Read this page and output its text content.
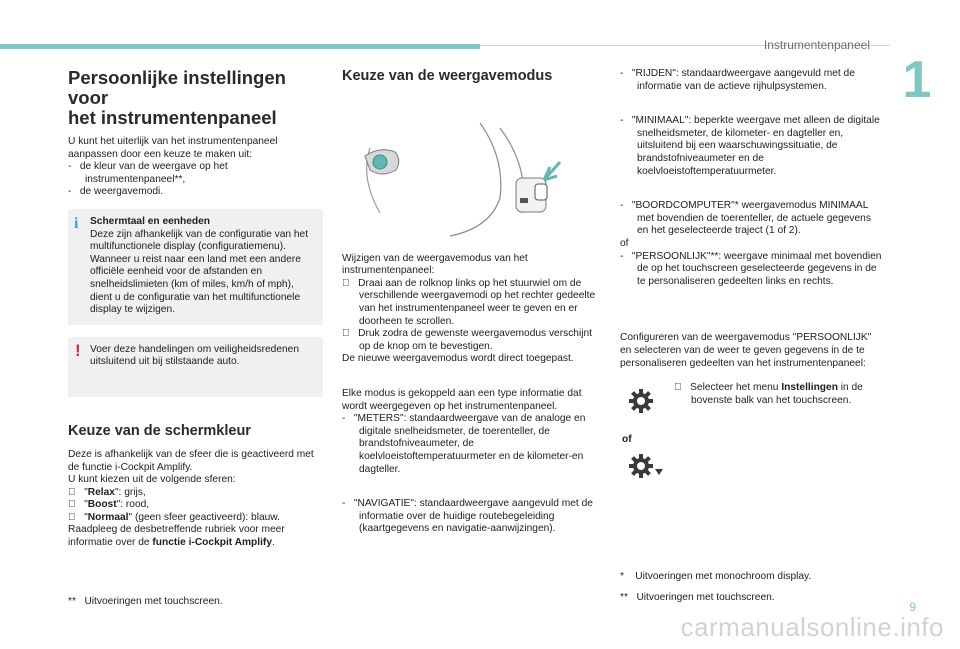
Instrumentenpaneel
1
9
carmanualsonline.info
Persoonlijke instellingen voor
het instrumentenpaneel

U kunt het uiterlijk van het instrumentenpaneel aanpassen door een keuze te maken uit:

-   de kleur van de weergave op het instrumentenpaneel**,

-   de weergavemodi.

i Schermtaal en eenheden

Deze zijn afhankelijk van de configuratie van het multifunctionele display (configuratiemenu). Wanneer u reist naar een land met een andere officiële eenheid voor de afstanden en snelheidslimieten (km of miles, km/h of mph), dient u de configuratie van het multifunctionele display te wijzigen.

! Voer deze handelingen om veiligheidsredenen uitsluitend uit bij stilstaande auto.

Keuze van de schermkleur

Deze is afhankelijk van de sfeer die is geactiveerd met de functie i-Cockpit Amplify.

U kunt kiezen uit de volgende sferen:

"Relax": grijs,

"Boost": rood,

"Normaal" (geen sfeer geactiveerd): blauw.

Raadpleeg de desbetreffende rubriek voor meer informatie over de functie i-Cockpit Amplify.

** Uitvoeringen met touchscreen.
Keuze van de weergavemodus

Wijzigen van de weergavemodus van het instrumentenpaneel:

Draai aan de rolknop links op het stuurwiel om de verschillende weergavemodi op het rechter gedeelte van het instrumentenpaneel weer te geven en er doorheen te scrollen.

Druk zodra de gewenste weergavemodus verschijnt op de knop om te bevestigen.

De nieuwe weergavemodus wordt direct toegepast.

Elke modus is gekoppeld aan een type informatie dat wordt weergegeven op het instrumentenpaneel.

-   "METERS": standaardweergave van de analoge en digitale snelheidsmeter, de toerenteller, de brandstofniveaumeter, de koelvloeistoftemperatuurmeter en de kilometer-en dagteller.

-   "NAVIGATIE": standaardweergave aangevuld met de informatie over de huidige routebegeleiding (kaartgegevens en navigatie-aanwijzingen).

-   "RIJDEN": standaardweergave aangevuld met de informatie van de actieve rijhulpsystemen.

-   "MINIMAAL": beperkte weergave met alleen de digitale snelheidsmeter, de kilometer- en dagteller en, uitsluitend bij een waarschuwingssituatie, de brandstofniveaumeter en de koelvloeistoftemperatuurmeter.

-   "BOORDCOMPUTER"* weergavemodus MINIMAAL met bovendien de toerenteller, de actuele gegevens en het geselecteerde traject (1 of 2).

of

-   "PERSOONLIJK"**: weergave minimaal met bovendien de op het touchscreen geselecteerde gegevens in de te personaliseren gedeelten links en rechts.

Configureren van de weergavemodus "PERSOONLIJK" en selecteren van de weer te geven gegevens in de te personaliseren gedeelten van het instrumentenpaneel:

Selecteer het menu Instellingen in de bovenste balk van het touchscreen.

of

* Uitvoeringen met monochroom display.
** Uitvoeringen met touchscreen.
